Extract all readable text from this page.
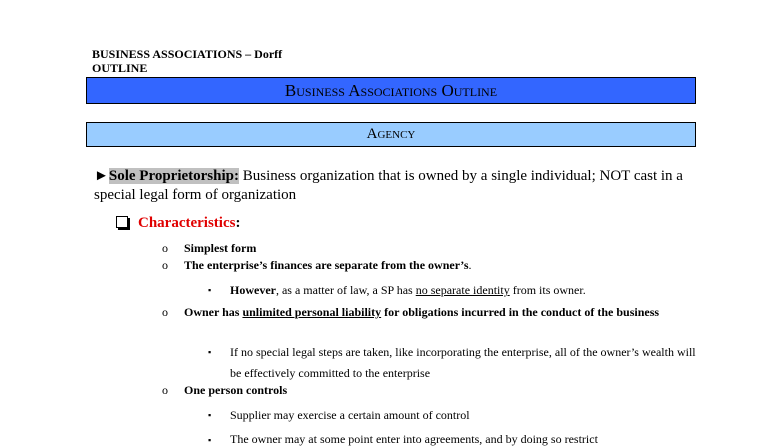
BUSINESS ASSOCIATIONS – Dorff
OUTLINE
Business Associations Outline
Agency
►Sole Proprietorship: Business organization that is owned by a single individual; NOT cast in a special legal form of organization
Characteristics:
o Simplest form
o The enterprise’s finances are separate from the owner’s.
▪ However, as a matter of law, a SP has no separate identity from its owner.
o Owner has unlimited personal liability for obligations incurred in the conduct of the business
▪ If no special legal steps are taken, like incorporating the enterprise, all of the owner’s wealth will be effectively committed to the enterprise
o One person controls
▪ Supplier may exercise a certain amount of control
▪ The owner may at some point enter into agreements, and by doing so restrict
